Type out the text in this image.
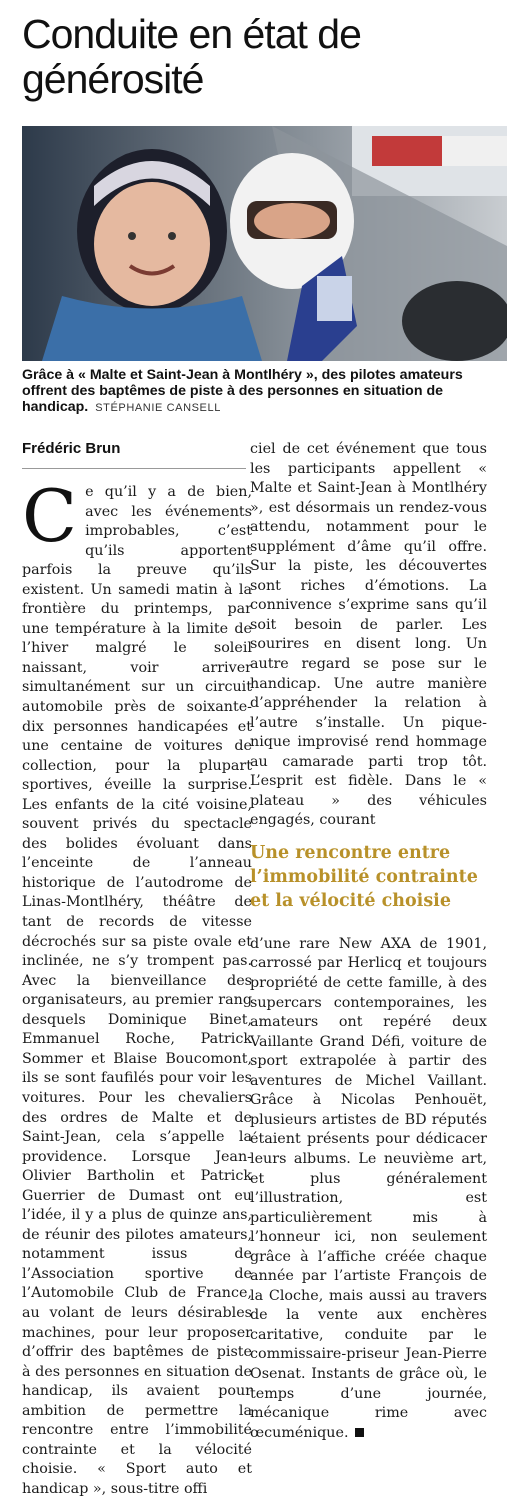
Conduite en état de générosité

Grâce à « Malte et Saint-Jean à Montlhéry », des pilotes amateurs offrent des baptêmes de piste à des personnes en situation de handicap. STÉPHANIE CANSELL

Frédéric Brun

Ce qu’il y a de bien, avec les événements improbables, c’est qu’ils apportent parfois la preuve qu’ils existent. Un samedi matin à la frontière du printemps, par une température à la limite de l’hiver malgré le soleil naissant, voir arriver simultanément sur un circuit automobile près de soixante-dix personnes handicapées et une centaine de voitures de collection, pour la plupart sportives, éveille la surprise. Les enfants de la cité voisine, souvent privés du spectacle des bolides évoluant dans l’enceinte de l’anneau historique de l’autodrome de Linas-Montlhéry, théâtre de tant de records de vitesse décrochés sur sa piste ovale et inclinée, ne s’y trompent pas. Avec la bienveillance des organisateurs, au premier rang desquels Dominique Binet, Emmanuel Roche, Patrick Sommer et Blaise Boucomont, ils se sont faufilés pour voir les voitures. Pour les chevaliers des ordres de Malte et de Saint-Jean, cela s’appelle la providence. Lorsque Jean-Olivier Bartholin et Patrick Guerrier de Dumast ont eu l’idée, il y a plus de quinze ans, de réunir des pilotes amateurs, notamment issus de l’Association sportive de l’Automobile Club de France, au volant de leurs désirables machines, pour leur proposer d’offrir des baptêmes de piste à des personnes en situation de handicap, ils avaient pour ambition de permettre la rencontre entre l’immobilité contrainte et la vélocité choisie. « Sport auto et handicap », sous-titre offi

ciel de cet événement que tous les participants appellent « Malte et Saint-Jean à Montlhéry », est désormais un rendez-vous attendu, notamment pour le supplément d’âme qu’il offre. Sur la piste, les découvertes sont riches d’émotions. La connivence s’exprime sans qu’il soit besoin de parler. Les sourires en disent long. Un autre regard se pose sur le handicap. Une autre manière d’appréhender la relation à l’autre s’installe. Un pique-nique improvisé rend hommage au camarade parti trop tôt. L’esprit est fidèle. Dans le « plateau » des véhicules engagés, courant

Une rencontre entre l’immobilité contrainte et la vélocité choisie

d’une rare New AXA de 1901, carrossé par Herlicq et toujours propriété de cette famille, à des supercars contemporaines, les amateurs ont repéré deux Vaillante Grand Défi, voiture de sport extrapolée à partir des aventures de Michel Vaillant. Grâce à Nicolas Penhouët, plusieurs artistes de BD réputés étaient présents pour dédicacer leurs albums. Le neuvième art, et plus généralement l’illustration, est particulièrement mis à l’honneur ici, non seulement grâce à l’affiche créée chaque année par l’artiste François de la Cloche, mais aussi au travers de la vente aux enchères caritative, conduite par le commissaire-priseur Jean-Pierre Osenat. Instants de grâce où, le temps d’une journée, mécanique rime avec œcuménique.
